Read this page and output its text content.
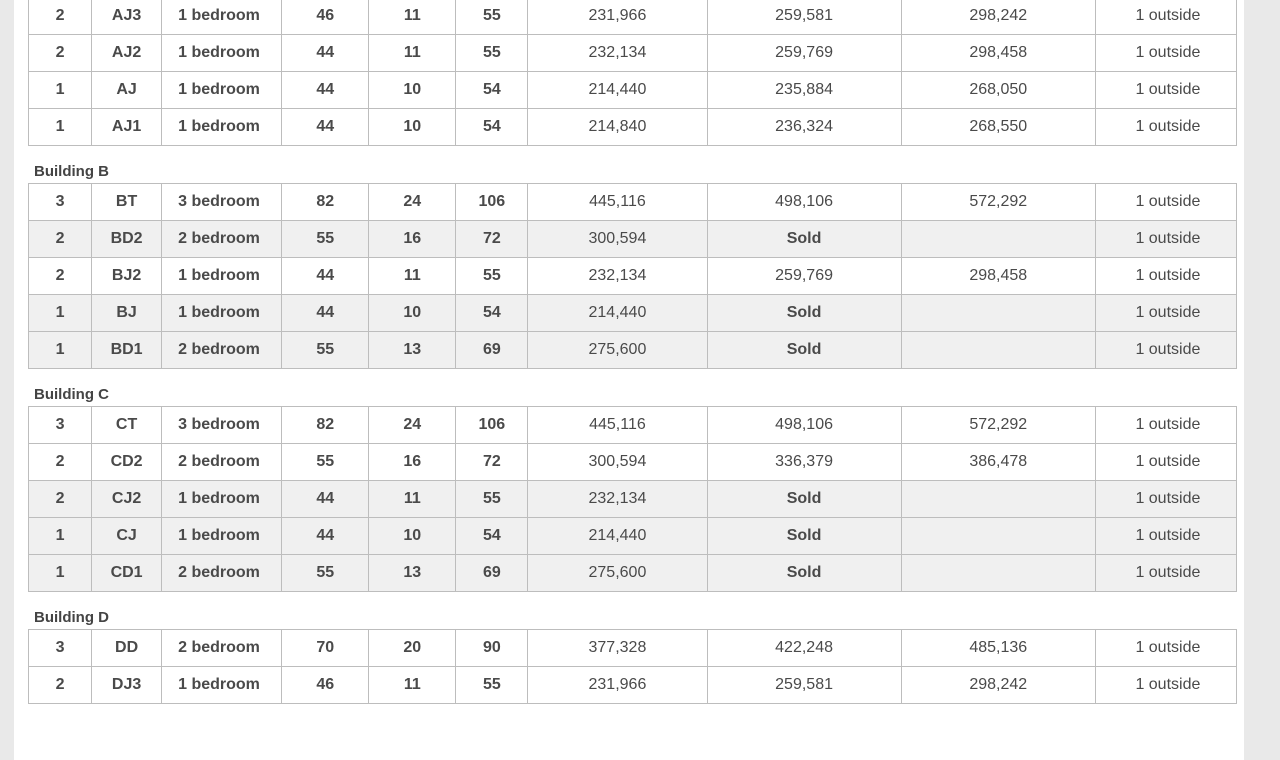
2	AJ3	1 bedroom	46	11	55	231,966	259,581	298,242	1 outside
2	AJ2	1 bedroom	44	11	55	232,134	259,769	298,458	1 outside
1	AJ	1 bedroom	44	10	54	214,440	235,884	268,050	1 outside
1	AJ1	1 bedroom	44	10	54	214,840	236,324	268,550	1 outside
Building B
3	BT	3 bedroom	82	24	106	445,116	498,106	572,292	1 outside
2	BD2	2 bedroom	55	16	72	300,594	Sold		1 outside
2	BJ2	1 bedroom	44	11	55	232,134	259,769	298,458	1 outside
1	BJ	1 bedroom	44	10	54	214,440	Sold		1 outside
1	BD1	2 bedroom	55	13	69	275,600	Sold		1 outside
Building C
3	CT	3 bedroom	82	24	106	445,116	498,106	572,292	1 outside
2	CD2	2 bedroom	55	16	72	300,594	336,379	386,478	1 outside
2	CJ2	1 bedroom	44	11	55	232,134	Sold		1 outside
1	CJ	1 bedroom	44	10	54	214,440	Sold		1 outside
1	CD1	2 bedroom	55	13	69	275,600	Sold		1 outside
Building D
3	DD	2 bedroom	70	20	90	377,328	422,248	485,136	1 outside
2	DJ3	1 bedroom	46	11	55	231,966	259,581	298,242	1 outside
